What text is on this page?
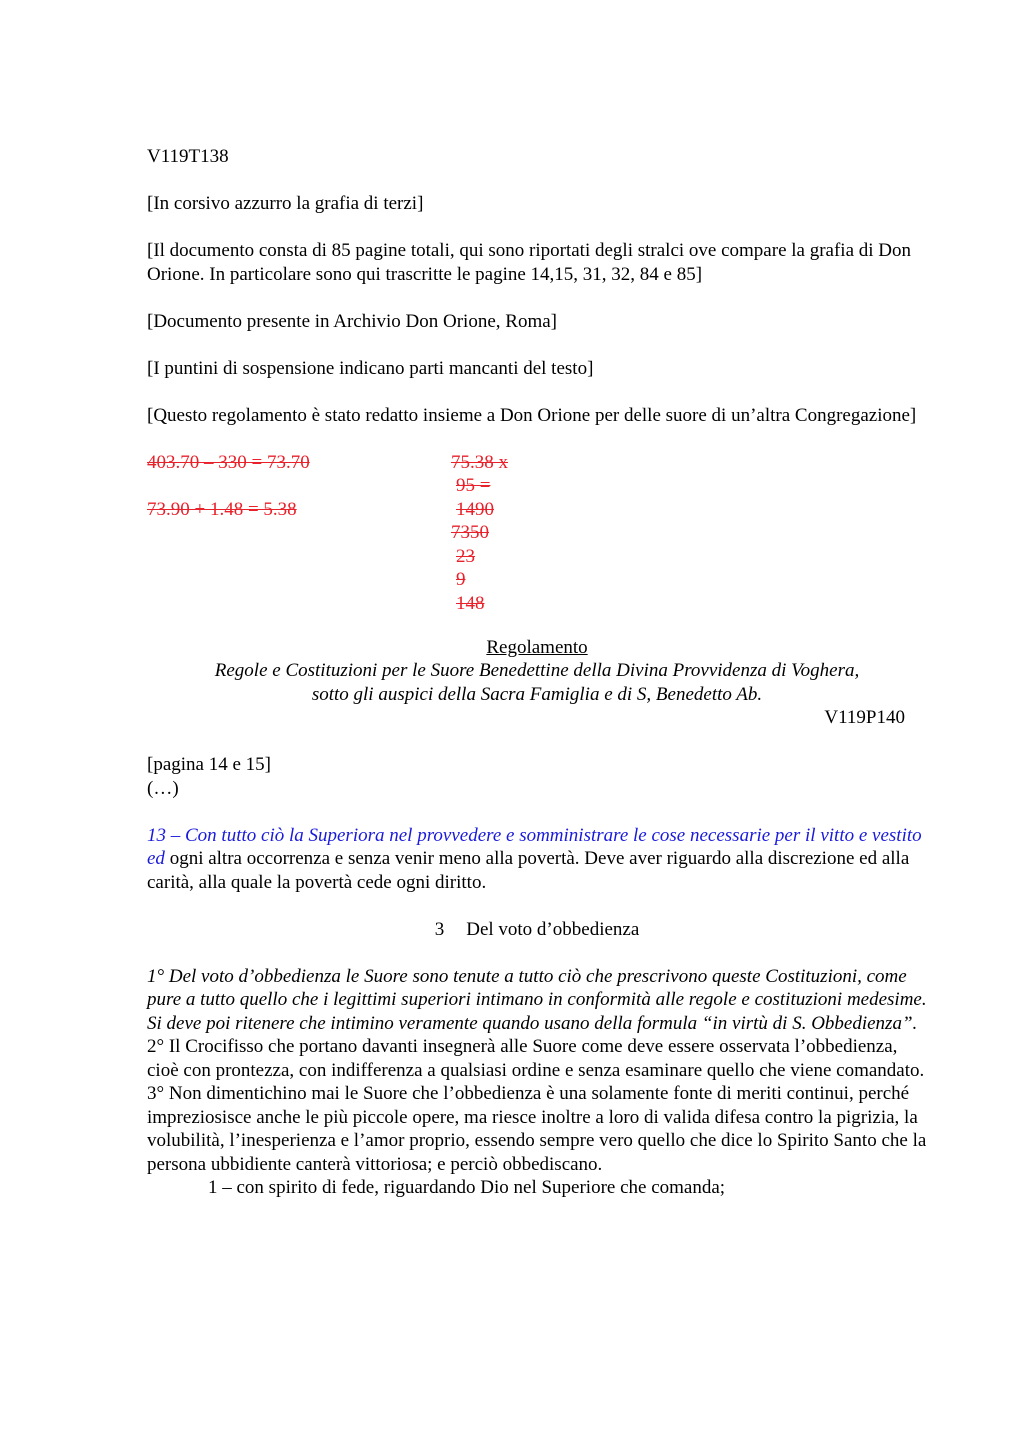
V119T138

[In corsivo azzurro la grafia di terzi]

[Il documento consta di 85 pagine totali, qui sono riportati degli stralci ove compare la grafia di Don Orione. In particolare sono qui trascritte le pagine 14,15, 31, 32, 84 e 85]

[Documento presente in Archivio Don Orione, Roma]

[I puntini di sospensione indicano parti mancanti del testo]

[Questo regolamento è stato redatto insieme a Don Orione per delle suore di un’altra Congregazione]

403.70 – 330 = 73.70
73.90 + 1.48 = 5.38
75.38 x
95 =
1490
7350
23
9
148

Regolamento

Regole e Costituzioni per le Suore Benedettine della Divina Provvidenza di Voghera,

sotto gli auspici della Sacra Famiglia e di S, Benedetto Ab.

V119P140

[pagina 14 e 15]

(…)

13 – Con tutto ciò la Superiora nel provvedere e somministrare le cose necessarie per il vitto e vestito ed ogni altra occorrenza e senza venir meno alla povertà. Deve aver riguardo alla discrezione ed alla carità, alla quale la povertà cede ogni diritto.

3 Del voto d’obbedienza

1° Del voto d’obbedienza le Suore sono tenute a tutto ciò che prescrivono queste Costituzioni, come pure a tutto quello che i legittimi superiori intimano in conformità alle regole e costituzioni medesime. Si deve poi ritenere che intimino veramente quando usano della formula “in virtù di S. Obbedienza”.

2° Il Crocifisso che portano davanti insegnerà alle Suore come deve essere osservata l’obbedienza, cioè con prontezza, con indifferenza a qualsiasi ordine e senza esaminare quello che viene comandato.

3° Non dimentichino mai le Suore che l’obbedienza è una solamente fonte di meriti continui, perché impreziosisce anche le più piccole opere, ma riesce inoltre a loro di valida difesa contro la pigrizia, la volubilità, l’inesperienza e l’amor proprio, essendo sempre vero quello che dice lo Spirito Santo che la persona ubbidiente canterà vittoriosa; e perciò obbediscano.

1 – con spirito di fede, riguardando Dio nel Superiore che comanda;
